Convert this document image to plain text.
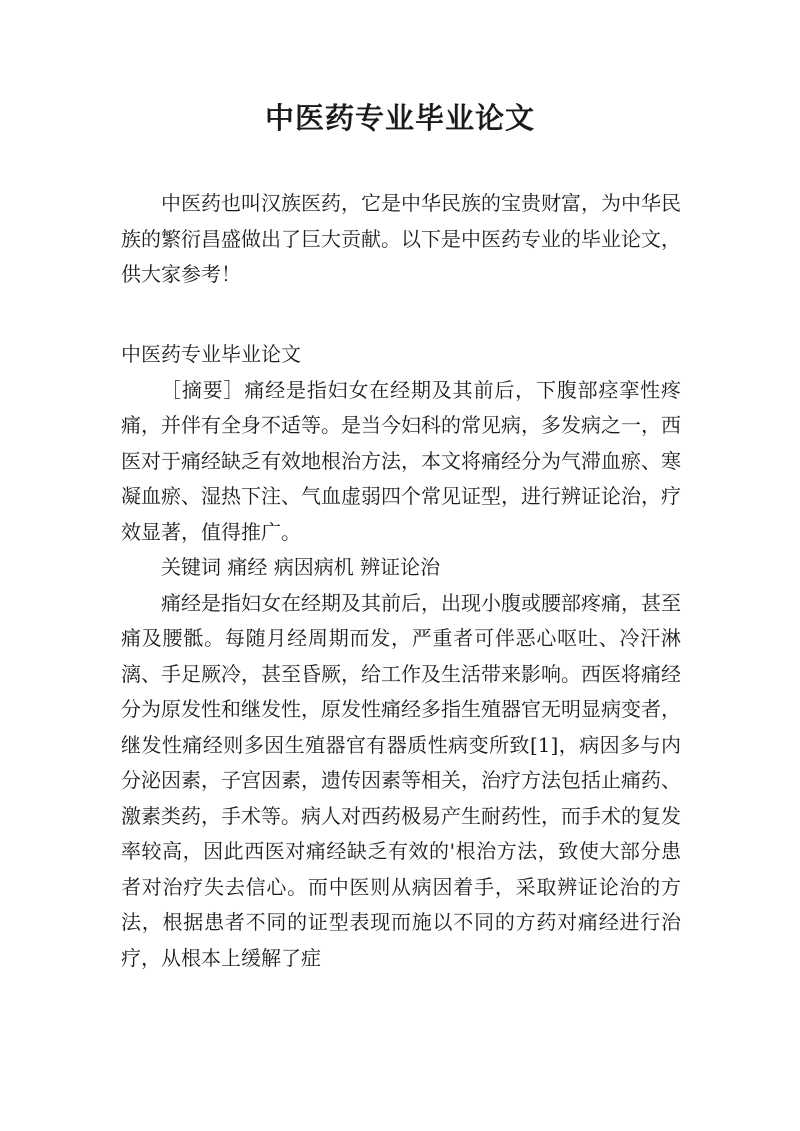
中医药专业毕业论文

中医药也叫汉族医药，它是中华民族的宝贵财富，为中华民族的繁衍昌盛做出了巨大贡献。以下是中医药专业的毕业论文，供大家参考！

中医药专业毕业论文

［摘要］痛经是指妇女在经期及其前后，下腹部痉挛性疼痛，并伴有全身不适等。是当今妇科的常见病，多发病之一，西医对于痛经缺乏有效地根治方法，本文将痛经分为气滞血瘀、寒凝血瘀、湿热下注、气血虚弱四个常见证型，进行辨证论治，疗效显著，值得推广。

关键词 痛经 病因病机 辨证论治

痛经是指妇女在经期及其前后，出现小腹或腰部疼痛，甚至痛及腰骶。每随月经周期而发，严重者可伴恶心呕吐、冷汗淋漓、手足厥冷，甚至昏厥，给工作及生活带来影响。西医将痛经分为原发性和继发性，原发性痛经多指生殖器官无明显病变者，继发性痛经则多因生殖器官有器质性病变所致[1]，病因多与内分泌因素，子宫因素，遗传因素等相关，治疗方法包括止痛药、激素类药，手术等。病人对西药极易产生耐药性，而手术的复发率较高，因此西医对痛经缺乏有效的'根治方法，致使大部分患者对治疗失去信心。而中医则从病因着手，采取辨证论治的方法，根据患者不同的证型表现而施以不同的方药对痛经进行治疗，从根本上缓解了症
